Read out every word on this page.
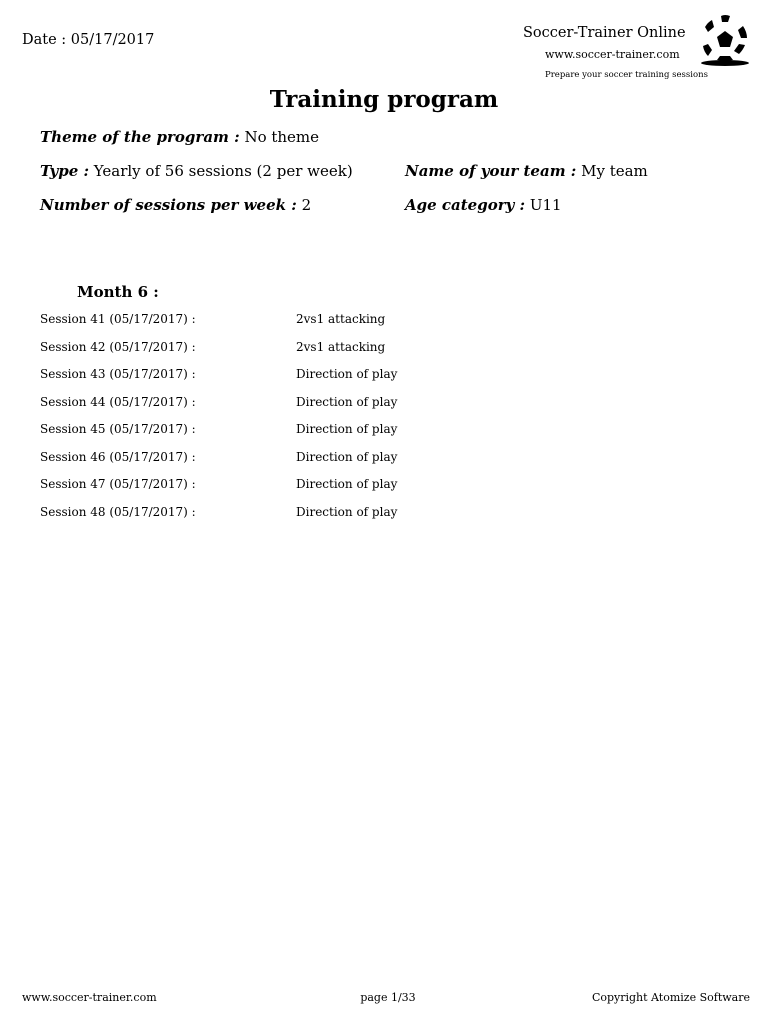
Date : 05/17/2017	Soccer-Trainer Online
www.soccer-trainer.com
Prepare your soccer training sessions
Training program
Theme of the program : No theme
Type : Yearly of 56 sessions (2 per week)	Name of your team : My team
Number of sessions per week : 2	Age category : U11
Month 6 :
Session 41 (05/17/2017) :	2vs1 attacking
Session 42 (05/17/2017) :	2vs1 attacking
Session 43 (05/17/2017) :	Direction of play
Session 44 (05/17/2017) :	Direction of play
Session 45 (05/17/2017) :	Direction of play
Session 46 (05/17/2017) :	Direction of play
Session 47 (05/17/2017) :	Direction of play
Session 48 (05/17/2017) :	Direction of play
www.soccer-trainer.com	page 1/33	Copyright Atomize Software
